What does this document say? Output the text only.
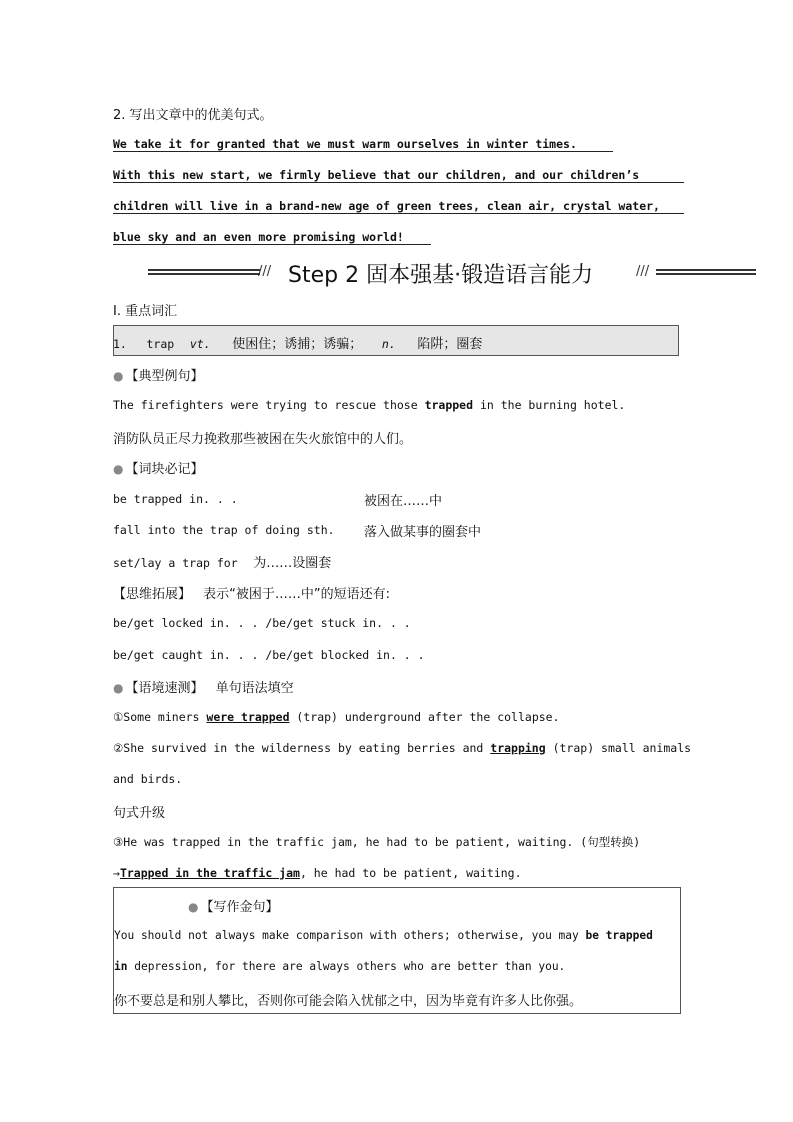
2. 写出文章中的优美句式。
We take it for granted that we must warm ourselves in winter times.
With this new start, we firmly believe that our children, and our children’s
children will live in a brand-new age of green trees, clean air, crystal water,
blue sky and an even more promising world!
/// Step 2 固本强基·锻造语言能力	///
Ⅰ. 重点词汇
1. trap vt. 使困住；诱捕；诱骗； n. 陷阱；圈套
● 【典型例句】
The firefighters were trying to rescue those trapped in the burning hotel.
消防队员正尽力挽救那些被困在失火旅馆中的人们。
● 【词块必记】
be trapped in. . .	被困在……中
fall into the trap of doing sth. 落入做某事的圈套中
set/lay a trap for 为……设圈套
【思维拓展】 表示“被困于……中”的短语还有:
be/get locked in. . . /be/get stuck in. . .
be/get caught in. . . /be/get blocked in. . .
● 【语境速测】 单句语法填空
①Some miners were trapped (trap) underground after the collapse.
②She survived in the wilderness by eating berries and trapping (trap) small animals
and birds.
句式升级
③He was trapped in the traffic jam, he had to be patient, waiting. (句型转换)
→Trapped in the traffic jam, he had to be patient, waiting.
● 【写作金句】
You should not always make comparison with others; otherwise, you may be trapped
in depression, for there are always others who are better than you.
你不要总是和别人攀比，否则你可能会陷入忧郁之中，因为毕竟有许多人比你强。
